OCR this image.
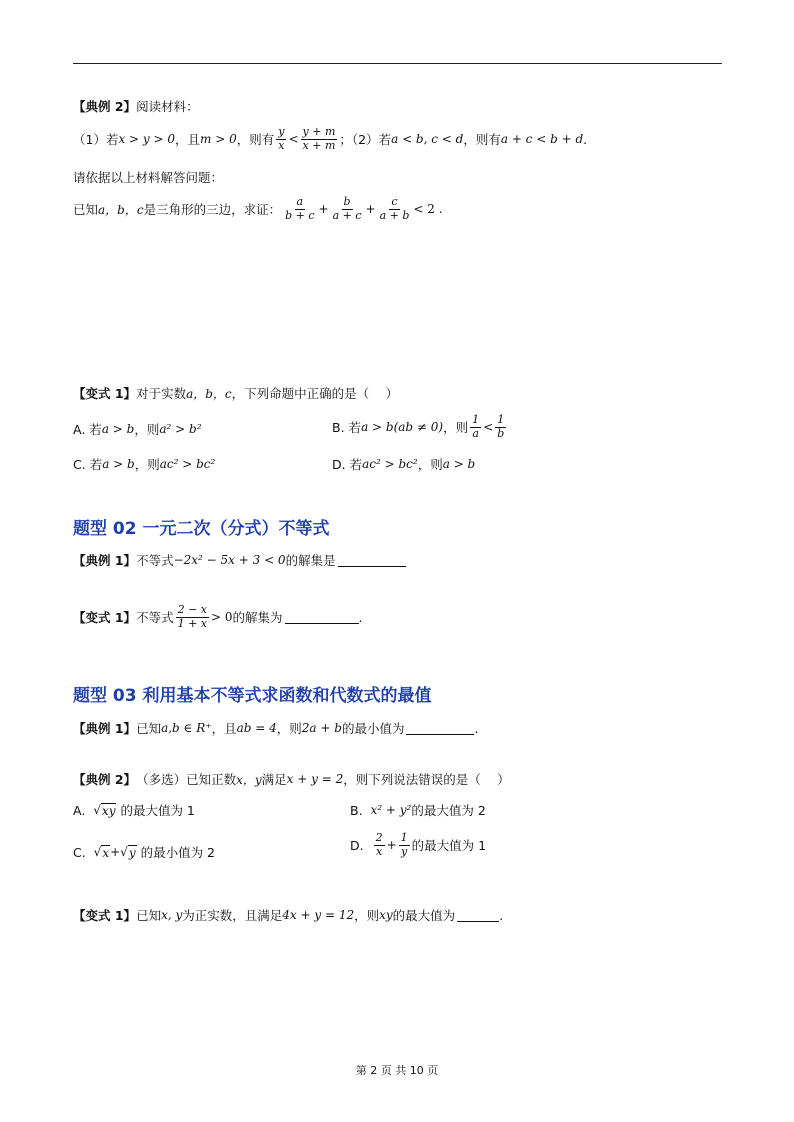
【典例 2】 阅读材料：
（1）若 x > y > 0 ，且 m > 0 ，则有 $\frac{y}{x} < \frac{y + m}{x + m}$ ；（2）若 a < b, c < d ，则有 a + c < b + d .
请依据以上材料解答问题：
已知 a，b，c 是三角形的三边，求证： $\frac{a}{b + c} + \frac{b}{a + c} + \frac{c}{a + b} < 2$ .
【变式 1】 对于实数 a，b，c ，下列命题中正确的是（　 ）
A.
若 a > b ，则 a² > b²	B.
若 a > b(ab ≠ 0) ，则 $\frac{1}{a} < \frac{1}{b}$
C.
若 a > b ，则 ac² > bc²	D.
若 ac² > bc² ，则 a > b
题型 02 一元二次（分式）不等式
【典例 1】 不等式 −2x² − 5x + 3 < 0 的解集是
【变式 1】 不等式 $\frac{2 - x}{1 + x} > 0$ 的解集为	.
题型 03 利用基本不等式求函数和代数式的最值
【典例 1】 已知 a,b ∈ R⁺ ，且 ab = 4 ，则 2a + b 的最小值为	.
【典例 2】 （多选）已知正数 x，y 满足 x + y = 2 ，则下列说法错误的是（　 ）
A.
√ xy
的最大值为 1	B.
x² + y² 的最大值为 2
C.
√ x + √ y
的最小值为 2	D.
$\frac{2}{x} + \frac{1}{y}$ 的最大值为 1
【变式 1】 已知 x, y 为正实数，且满足 4x + y = 12 ，则 xy 的最大值为	.
第 2 页 共 10 页
